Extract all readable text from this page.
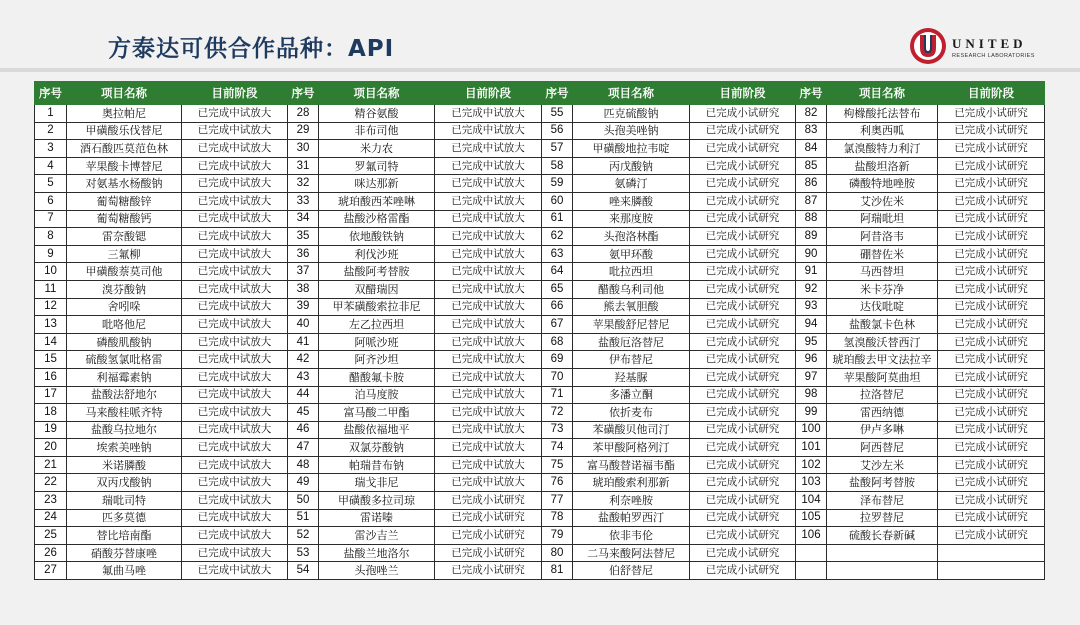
方泰达可供合作品种：API	UNITED
RESEARCH LABORATORIES
序号	项目名称	目前阶段	序号	项目名称	目前阶段	序号	项目名称	目前阶段	序号	项目名称	目前阶段
1	奥拉帕尼	已完成中试放大	28	精谷氨酸	已完成中试放大	55	匹克硫酸钠	已完成小试研究	82	枸橼酸托法替布	已完成小试研究
2	甲磺酸乐伐替尼	已完成中试放大	29	非布司他	已完成中试放大	56	头孢美唑钠	已完成小试研究	83	利奥西呱	已完成小试研究
3	酒石酸匹莫范色林	已完成中试放大	30	米力农	已完成中试放大	57	甲磺酸地拉韦啶	已完成小试研究	84	氯溴酸特力利汀	已完成小试研究
4	苹果酸卡博替尼	已完成中试放大	31	罗氟司特	已完成中试放大	58	丙戊酸钠	已完成小试研究	85	盐酸坦洛新	已完成小试研究
5	对氨基水杨酸钠	已完成中试放大	32	咪达那新	已完成中试放大	59	氨磷汀	已完成小试研究	86	磷酸特地唑胺	已完成小试研究
6	葡萄糖酸锌	已完成中试放大	33	琥珀酸西苯唑啉	已完成中试放大	60	唑来膦酸	已完成小试研究	87	艾沙佐米	已完成小试研究
7	葡萄糖酸钙	已完成中试放大	34	盐酸沙格雷酯	已完成中试放大	61	来那度胺	已完成小试研究	88	阿瑞吡坦	已完成小试研究
8	雷奈酸锶	已完成中试放大	35	依地酸铁钠	已完成中试放大	62	头孢洛林酯	已完成小试研究	89	阿昔洛韦	已完成小试研究
9	三氟柳	已完成中试放大	36	利伐沙班	已完成中试放大	63	氨甲环酸	已完成小试研究	90	硼替佐米	已完成小试研究
10	甲磺酸萘莫司他	已完成中试放大	37	盐酸阿考替胺	已完成中试放大	64	吡拉西坦	已完成小试研究	91	马西替坦	已完成小试研究
11	溴芬酸钠	已完成中试放大	38	双醋瑞因	已完成中试放大	65	醋酸乌利司他	已完成小试研究	92	米卡芬净	已完成小试研究
12	舍吲哚	已完成中试放大	39	甲苯磺酸索拉非尼	已完成中试放大	66	熊去氧胆酸	已完成小试研究	93	达伐吡啶	已完成小试研究
13	吡咯他尼	已完成中试放大	40	左乙拉西坦	已完成中试放大	67	苹果酸舒尼替尼	已完成小试研究	94	盐酸氯卡色林	已完成小试研究
14	磷酸肌酸钠	已完成中试放大	41	阿哌沙班	已完成中试放大	68	盐酸厄洛替尼	已完成小试研究	95	氢溴酸沃替西汀	已完成小试研究
15	硫酸氢氯吡格雷	已完成中试放大	42	阿齐沙坦	已完成中试放大	69	伊布替尼	已完成小试研究	96	琥珀酸去甲文法拉辛	已完成小试研究
16	利福霉素钠	已完成中试放大	43	醋酸氟卡胺	已完成中试放大	70	羟基脲	已完成小试研究	97	苹果酸阿莫曲坦	已完成小试研究
17	盐酸法舒地尔	已完成中试放大	44	泊马度胺	已完成中试放大	71	多潘立酮	已完成小试研究	98	拉洛替尼	已完成小试研究
18	马来酸桂哌齐特	已完成中试放大	45	富马酸二甲酯	已完成中试放大	72	依折麦布	已完成小试研究	99	雷西纳德	已完成小试研究
19	盐酸乌拉地尔	已完成中试放大	46	盐酸依福地平	已完成中试放大	73	苯磺酸贝他司汀	已完成小试研究	100	伊卢多啉	已完成小试研究
20	埃索美唑钠	已完成中试放大	47	双氯芬酸钠	已完成中试放大	74	苯甲酸阿格列汀	已完成小试研究	101	阿西替尼	已完成小试研究
21	米诺膦酸	已完成中试放大	48	帕瑞昔布钠	已完成中试放大	75	富马酸替诺福韦酯	已完成小试研究	102	艾沙左米	已完成小试研究
22	双丙戊酸钠	已完成中试放大	49	瑞戈非尼	已完成中试放大	76	琥珀酸索利那新	已完成小试研究	103	盐酸阿考替胺	已完成小试研究
23	瑞吡司特	已完成中试放大	50	甲磺酸多拉司琼	已完成小试研究	77	利奈唑胺	已完成小试研究	104	泽布替尼	已完成小试研究
24	匹多莫德	已完成中试放大	51	雷诺嗪	已完成小试研究	78	盐酸帕罗西汀	已完成小试研究	105	拉罗替尼	已完成小试研究
25	替比培南酯	已完成中试放大	52	雷沙吉兰	已完成小试研究	79	依非韦伦	已完成小试研究	106	硫酸长春新碱	已完成小试研究
26	硝酸芬替康唑	已完成中试放大	53	盐酸兰地洛尔	已完成小试研究	80	二马来酸阿法替尼	已完成小试研究			
27	氟曲马唑	已完成中试放大	54	头孢唑兰	已完成小试研究	81	伯舒替尼	已完成小试研究			
